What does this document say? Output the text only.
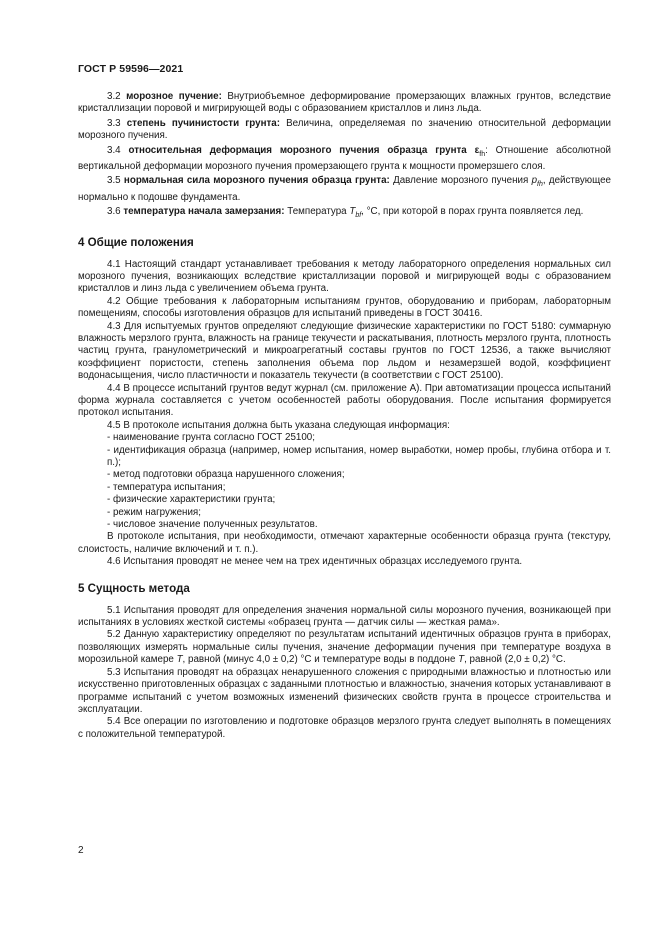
ГОСТ Р 59596—2021

3.2 морозное пучение: Внутриобъемное деформирование промерзающих влажных грунтов, вследствие кристаллизации поровой и мигрирующей воды с образованием кристаллов и линз льда.

3.3 степень пучинистости грунта: Величина, определяемая по значению относительной деформации морозного пучения.

3.4 относительная деформация морозного пучения образца грунта $\varepsilon_{fh}$: Отношение абсолютной вертикальной деформации морозного пучения промерзающего грунта к мощности промерзшего слоя.

3.5 нормальная сила морозного пучения образца грунта: Давление морозного пучения $p_{fh}$, действующее нормально к подошве фундамента.

3.6 температура начала замерзания: Температура $T_{bf}$, °С, при которой в порах грунта появляется лед.

4 Общие положения

4.1 Настоящий стандарт устанавливает требования к методу лабораторного определения нормальных сил морозного пучения, возникающих вследствие кристаллизации поровой и мигрирующей воды с образованием кристаллов и линз льда с увеличением объема грунта.

4.2 Общие требования к лабораторным испытаниям грунтов, оборудованию и приборам, лабораторным помещениям, способы изготовления образцов для испытаний приведены в ГОСТ 30416.

4.3 Для испытуемых грунтов определяют следующие физические характеристики по ГОСТ 5180: суммарную влажность мерзлого грунта, влажность на границе текучести и раскатывания, плотность мерзлого грунта, плотность частиц грунта, гранулометрический и микроагрегатный составы грунтов по ГОСТ 12536, а также вычисляют коэффициент пористости, степень заполнения объема пор льдом и незамерзшей водой, коэффициент водонасыщения, число пластичности и показатель текучести (в соответствии с ГОСТ 25100).

4.4 В процессе испытаний грунтов ведут журнал (см. приложение А). При автоматизации процесса испытаний форма журнала составляется с учетом особенностей работы оборудования. После испытания формируется протокол испытания.

4.5 В протоколе испытания должна быть указана следующая информация:

- наименование грунта согласно ГОСТ 25100;

- идентификация образца (например, номер испытания, номер выработки, номер пробы, глубина отбора и т. п.);

- метод подготовки образца нарушенного сложения;

- температура испытания;

- физические характеристики грунта;

- режим нагружения;

- числовое значение полученных результатов.

В протоколе испытания, при необходимости, отмечают характерные особенности образца грунта (текстуру, слоистость, наличие включений и т. п.).

4.6 Испытания проводят не менее чем на трех идентичных образцах исследуемого грунта.

5 Сущность метода

5.1 Испытания проводят для определения значения нормальной силы морозного пучения, возникающей при испытаниях в условиях жесткой системы «образец грунта — датчик силы — жесткая рама».

5.2 Данную характеристику определяют по результатам испытаний идентичных образцов грунта в приборах, позволяющих измерять нормальные силы пучения, значение деформации пучения при температуре воздуха в морозильной камере T, равной (минус 4,0 ± 0,2) °С и температуре воды в поддоне T, равной (2,0 ± 0,2) °С.

5.3 Испытания проводят на образцах ненарушенного сложения с природными влажностью и плотностью или искусственно приготовленных образцах с заданными плотностью и влажностью, значения которых устанавливают в программе испытаний с учетом возможных изменений физических свойств грунта в процессе строительства и эксплуатации.

5.4 Все операции по изготовлению и подготовке образцов мерзлого грунта следует выполнять в помещениях с положительной температурой.

2
